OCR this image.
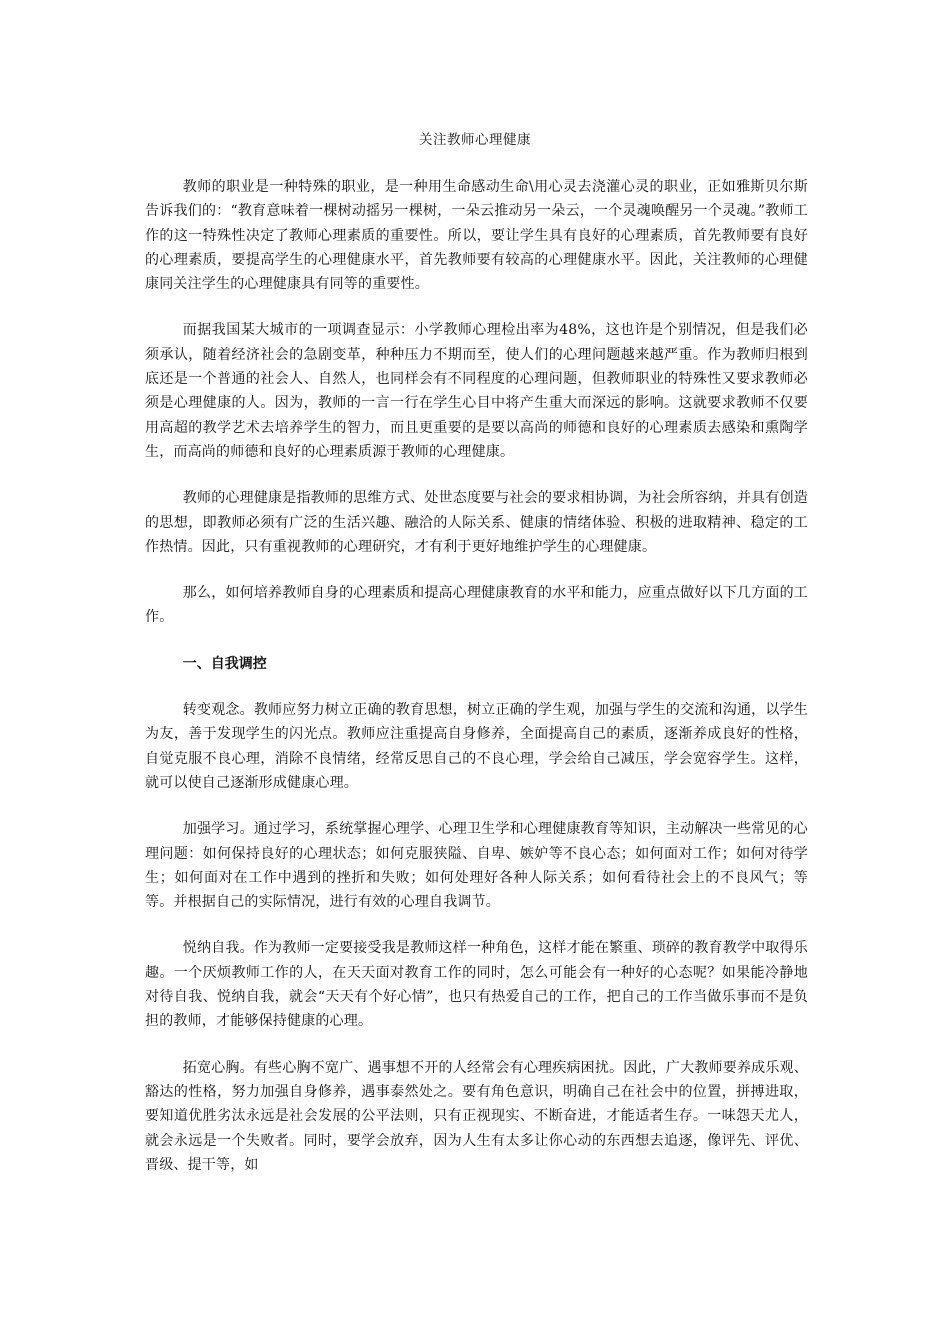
关注教师心理健康

教师的职业是一种特殊的职业，是一种用生命感动生命\用心灵去浇灌心灵的职业，正如雅斯贝尔斯告诉我们的：“教育意味着一棵树动摇另一棵树，一朵云推动另一朵云，一个灵魂唤醒另一个灵魂。”教师工作的这一特殊性决定了教师心理素质的重要性。所以，要让学生具有良好的心理素质，首先教师要有良好的心理素质，要提高学生的心理健康水平，首先教师要有较高的心理健康水平。因此，关注教师的心理健康同关注学生的心理健康具有同等的重要性。

而据我国某大城市的一项调查显示：小学教师心理检出率为48%，这也许是个别情况，但是我们必须承认，随着经济社会的急剧变革，种种压力不期而至，使人们的心理问题越来越严重。作为教师归根到底还是一个普通的社会人、自然人，也同样会有不同程度的心理问题，但教师职业的特殊性又要求教师必须是心理健康的人。因为，教师的一言一行在学生心目中将产生重大而深远的影响。这就要求教师不仅要用高超的教学艺术去培养学生的智力，而且更重要的是要以高尚的师德和良好的心理素质去感染和熏陶学生，而高尚的师德和良好的心理素质源于教师的心理健康。

教师的心理健康是指教师的思维方式、处世态度要与社会的要求相协调，为社会所容纳，并具有创造的思想，即教师必须有广泛的生活兴趣、融洽的人际关系、健康的情绪体验、积极的进取精神、稳定的工作热情。因此，只有重视教师的心理研究，才有利于更好地维护学生的心理健康。

那么，如何培养教师自身的心理素质和提高心理健康教育的水平和能力，应重点做好以下几方面的工作。

一、自我调控

转变观念。教师应努力树立正确的教育思想，树立正确的学生观，加强与学生的交流和沟通，以学生为友，善于发现学生的闪光点。教师应注重提高自身修养，全面提高自己的素质，逐渐养成良好的性格，自觉克服不良心理，消除不良情绪，经常反思自己的不良心理，学会给自己减压，学会宽容学生。这样，就可以使自己逐渐形成健康心理。

加强学习。通过学习，系统掌握心理学、心理卫生学和心理健康教育等知识，主动解决一些常见的心理问题：如何保持良好的心理状态；如何克服狭隘、自卑、嫉妒等不良心态；如何面对工作；如何对待学生；如何面对在工作中遇到的挫折和失败；如何处理好各种人际关系；如何看待社会上的不良风气；等等。并根据自己的实际情况，进行有效的心理自我调节。

悦纳自我。作为教师一定要接受我是教师这样一种角色，这样才能在繁重、琐碎的教育教学中取得乐趣。一个厌烦教师工作的人，在天天面对教育工作的同时，怎么可能会有一种好的心态呢？如果能冷静地对待自我、悦纳自我，就会“天天有个好心情”，也只有热爱自己的工作，把自己的工作当做乐事而不是负担的教师，才能够保持健康的心理。

拓宽心胸。有些心胸不宽广、遇事想不开的人经常会有心理疾病困扰。因此，广大教师要养成乐观、豁达的性格，努力加强自身修养，遇事泰然处之。要有角色意识，明确自己在社会中的位置，拼搏进取，要知道优胜劣汰永远是社会发展的公平法则，只有正视现实、不断奋进，才能适者生存。一味怨天尤人，就会永远是一个失败者。同时，要学会放弃，因为人生有太多让你心动的东西想去追逐，像评先、评优、晋级、提干等，如
